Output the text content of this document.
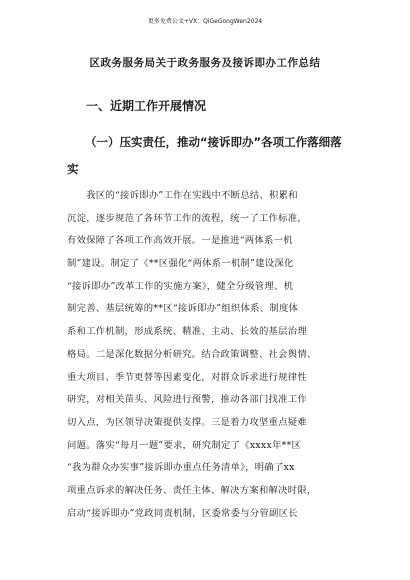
更多免费公文+VX：QiGeGongWen2024
区政务服务局关于政务服务及接诉即办工作总结
一、近期工作开展情况
（一）压实责任，推动“接诉即办”各项工作落细落实
　　我区的“接诉即办”工作在实践中不断总结、积累和
沉淀，逐步规范了各环节工作的流程，统一了工作标准，
有效保障了各项工作高效开展。一是推进“两体系一机
制”建设。制定了《**区强化“两体系一机制”建设深化
“接诉即办”改革工作的实施方案》，健全分级管理、机
制完善、基层统筹的**区“接诉即办”组织体系、制度体
系和工作机制，形成系统、精准、主动、长效的基层治理
格局。二是深化数据分析研究。结合政策调整、社会舆情、
重大项目、季节更替等因素变化，对群众诉求进行规律性
研究，对相关苗头、风险进行预警，推动各部门找准工作
切入点，为区领导决策提供支撑。三是着力攻坚重点疑难
问题。落实“每月一题”要求，研究制定了《xxxx年**区
“我为群众办实事”接诉即办重点任务清单》，明确了xx
项重点诉求的解决任务、责任主体、解决方案和解决时限，
启动“接诉即办”党政同责机制，区委常委与分管副区长
